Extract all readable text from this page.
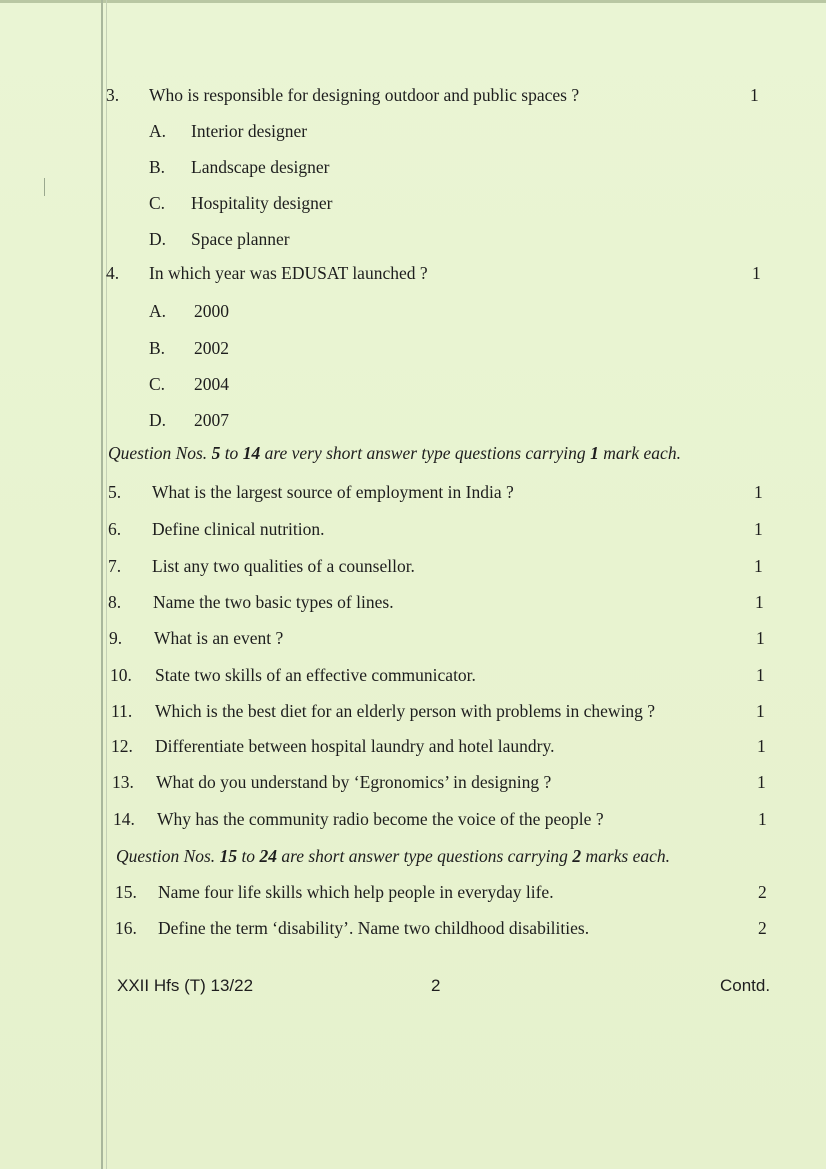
3. Who is responsible for designing outdoor and public spaces ?	1
A. Interior designer
B. Landscape designer
C. Hospitality designer
D. Space planner
4. In which year was EDUSAT launched ?	1
A. 2000
B. 2002
C. 2004
D. 2007
Question Nos. 5 to 14 are very short answer type questions carrying 1 mark each.
5. What is the largest source of employment in India ?	1
6. Define clinical nutrition.	1
7. List any two qualities of a counsellor.	1
8. Name the two basic types of lines.	1
9. What is an event ?	1
10. State two skills of an effective communicator.	1
11. Which is the best diet for an elderly person with problems in chewing ?	1
12. Differentiate between hospital laundry and hotel laundry.	1
13. What do you understand by ‘Egronomics’ in designing ?	1
14. Why has the community radio become the voice of the people ?	1
Question Nos. 15 to 24 are short answer type questions carrying 2 marks each.
15. Name four life skills which help people in everyday life.	2
16. Define the term ‘disability’. Name two childhood disabilities.	2
XXII Hfs (T) 13/22	2	Contd.
